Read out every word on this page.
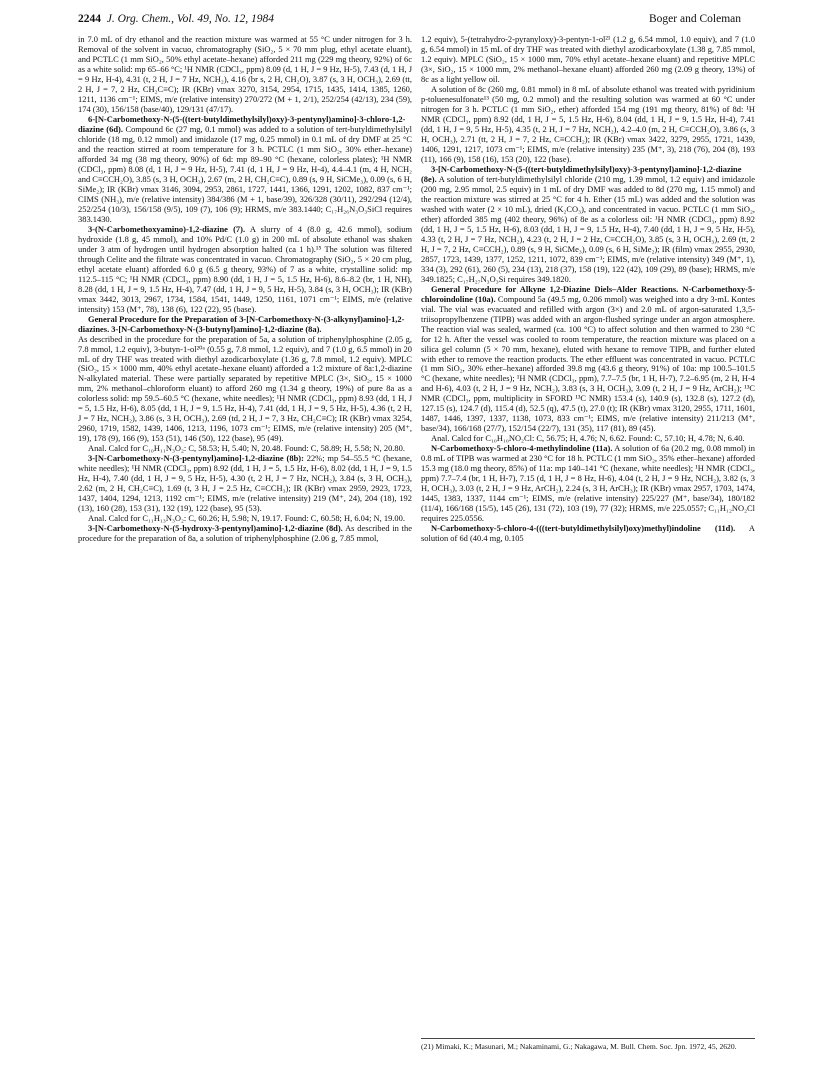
2244 J. Org. Chem., Vol. 49, No. 12, 1984	Boger and Coleman

in 7.0 mL of dry ethanol and the reaction mixture was warmed at 55 °C under nitrogen for 3 h. Removal of the solvent in vacuo, chromatography (SiO₂, 5 × 70 mm plug, ethyl acetate eluant), and PCTLC (1 mm SiO₂, 50% ethyl acetate–hexane) afforded 211 mg (229 mg theory, 92%) of 6c as a white solid: mp 65–66 °C; ¹H NMR (CDCl₃, ppm) 8.09 (d, 1 H, J = 9 Hz, H-5), 7.43 (d, 1 H, J = 9 Hz, H-4), 4.31 (t, 2 H, J = 7 Hz, NCH₂), 4.16 (br s, 2 H, CH₂O), 3.87 (s, 3 H, OCH₃), 2.69 (tt, 2 H, J = 7, 2 Hz, CH₂C≡C); IR (KBr) νmax 3270, 3154, 2954, 1715, 1435, 1414, 1385, 1260, 1211, 1136 cm⁻¹; EIMS, m/e (relative intensity) 270/272 (M + 1, 2/1), 252/254 (42/13), 234 (59), 174 (30), 156/158 (base/40), 129/131 (47/17).

6-[N-Carbomethoxy-N-(5-((tert-butyldimethylsilyl)oxy)-3-pentynyl)amino]-3-chloro-1,2-diazine (6d). Compound 6c (27 mg, 0.1 mmol) was added to a solution of tert-butyldimethylsilyl chloride (18 mg, 0.12 mmol) and imidazole (17 mg, 0.25 mmol) in 0.1 mL of dry DMF at 25 °C and the reaction stirred at room temperature for 3 h. PCTLC (1 mm SiO₂, 30% ether–hexane) afforded 34 mg (38 mg theory, 90%) of 6d: mp 89–90 °C (hexane, colorless plates); ¹H NMR (CDCl₃, ppm) 8.08 (d, 1 H, J = 9 Hz, H-5), 7.41 (d, 1 H, J = 9 Hz, H-4), 4.4–4.1 (m, 4 H, NCH₂ and C≡CCH₂O), 3.85 (s, 3 H, OCH₃), 2.67 (m, 2 H, CH₂C≡C), 0.89 (s, 9 H, SiCMe₃), 0.09 (s, 6 H, SiMe₂); IR (KBr) νmax 3146, 3094, 2953, 2861, 1727, 1441, 1366, 1291, 1202, 1082, 837 cm⁻¹; CIMS (NH₃), m/e (relative intensity) 384/386 (M + 1, base/39), 326/328 (30/11), 292/294 (12/4), 252/254 (10/3), 156/158 (9/5), 109 (7), 106 (9); HRMS, m/e 383.1440; C₁₇H₂₆N₃O₃SiCl requires 383.1430.

3-(N-Carbomethoxyamino)-1,2-diazine (7). A slurry of 4 (8.0 g, 42.6 mmol), sodium hydroxide (1.8 g, 45 mmol), and 10% Pd/C (1.0 g) in 200 mL of absolute ethanol was shaken under 3 atm of hydrogen until hydrogen absorption halted (ca 1 h).¹⁵ The solution was filtered through Celite and the filtrate was concentrated in vacuo. Chromatography (SiO₂, 5 × 20 cm plug, ethyl acetate eluant) afforded 6.0 g (6.5 g theory, 93%) of 7 as a white, crystalline solid: mp 112.5–115 °C; ¹H NMR (CDCl₃, ppm) 8.90 (dd, 1 H, J = 5, 1.5 Hz, H-6), 8.6–8.2 (br, 1 H, NH), 8.28 (dd, 1 H, J = 9, 1.5 Hz, H-4), 7.47 (dd, 1 H, J = 9, 5 Hz, H-5), 3.84 (s, 3 H, OCH₃); IR (KBr) νmax 3442, 3013, 2967, 1734, 1584, 1541, 1449, 1250, 1161, 1071 cm⁻¹; EIMS, m/e (relative intensity) 153 (M⁺, 78), 138 (6), 122 (22), 95 (base).

General Procedure for the Preparation of 3-[N-Carbomethoxy-N-(3-alkynyl)amino]-1,2-diazines. 3-[N-Carbomethoxy-N-(3-butynyl)amino]-1,2-diazine (8a).

As described in the procedure for the preparation of 5a, a solution of triphenylphosphine (2.05 g, 7.8 mmol, 1.2 equiv), 3-butyn-1-ol²⁰ᵃ (0.55 g, 7.8 mmol, 1.2 equiv), and 7 (1.0 g, 6.5 mmol) in 20 mL of dry THF was treated with diethyl azodicarboxylate (1.36 g, 7.8 mmol, 1.2 equiv). MPLC (SiO₂, 15 × 1000 mm, 40% ethyl acetate–hexane eluant) afforded a 1:2 mixture of 8a:1,2-diazine N-alkylated material. These were partially separated by repetitive MPLC (3×, SiO₂, 15 × 1000 mm, 2% methanol–chloroform eluant) to afford 260 mg (1.34 g theory, 19%) of pure 8a as a colorless solid: mp 59.5–60.5 °C (hexane, white needles); ¹H NMR (CDCl₃, ppm) 8.93 (dd, 1 H, J = 5, 1.5 Hz, H-6), 8.05 (dd, 1 H, J = 9, 1.5 Hz, H-4), 7.41 (dd, 1 H, J = 9, 5 Hz, H-5), 4.36 (t, 2 H, J = 7 Hz, NCH₂), 3.86 (s, 3 H, OCH₃), 2.69 (td, 2 H, J = 7, 3 Hz, CH₂C≡C); IR (KBr) νmax 3254, 2960, 1719, 1582, 1439, 1406, 1213, 1196, 1073 cm⁻¹; EIMS, m/e (relative intensity) 205 (M⁺, 19), 178 (9), 166 (9), 153 (51), 146 (50), 122 (base), 95 (49).

Anal. Calcd for C₁₀H₁₁N₃O₂: C, 58.53; H, 5.40; N, 20.48. Found: C, 58.89; H, 5.58; N, 20.80.

3-[N-Carbomethoxy-N-(3-pentynyl)amino]-1,2-diazine (8b): 22%; mp 54–55.5 °C (hexane, white needles); ¹H NMR (CDCl₃, ppm) 8.92 (dd, 1 H, J = 5, 1.5 Hz, H-6), 8.02 (dd, 1 H, J = 9, 1.5 Hz, H-4), 7.40 (dd, 1 H, J = 9, 5 Hz, H-5), 4.30 (t, 2 H, J = 7 Hz, NCH₂), 3.84 (s, 3 H, OCH₃), 2.62 (m, 2 H, CH₂C≡C), 1.69 (t, 3 H, J = 2.5 Hz, C≡CCH₃); IR (KBr) νmax 2959, 2923, 1723, 1437, 1404, 1294, 1213, 1192 cm⁻¹; EIMS, m/e (relative intensity) 219 (M⁺, 24), 204 (18), 192 (13), 160 (28), 153 (31), 132 (19), 122 (base), 95 (53).

Anal. Calcd for C₁₁H₁₃N₃O₂: C, 60.26; H, 5.98; N, 19.17. Found: C, 60.58; H, 6.04; N, 19.00.

3-[N-Carbomethoxy-N-(5-hydroxy-3-pentynyl)amino]-1,2-diazine (8d). As described in the procedure for the preparation of 8a, a solution of triphenylphosphine (2.06 g, 7.85 mmol,

1.2 equiv), 5-(tetrahydro-2-pyranyloxy)-3-pentyn-1-ol²¹ (1.2 g, 6.54 mmol, 1.0 equiv), and 7 (1.0 g, 6.54 mmol) in 15 mL of dry THF was treated with diethyl azodicarboxylate (1.38 g, 7.85 mmol, 1.2 equiv). MPLC (SiO₂, 15 × 1000 mm, 70% ethyl acetate–hexane eluant) and repetitive MPLC (3×, SiO₂, 15 × 1000 mm, 2% methanol–hexane eluant) afforded 260 mg (2.09 g theory, 13%) of 8c as a light yellow oil.

A solution of 8c (260 mg, 0.81 mmol) in 8 mL of absolute ethanol was treated with pyridinium p-toluenesulfonate¹³ (50 mg, 0.2 mmol) and the resulting solution was warmed at 60 °C under nitrogen for 3 h. PCTLC (1 mm SiO₂, ether) afforded 154 mg (191 mg theory, 81%) of 8d: ¹H NMR (CDCl₃, ppm) 8.92 (dd, 1 H, J = 5, 1.5 Hz, H-6), 8.04 (dd, 1 H, J = 9, 1.5 Hz, H-4), 7.41 (dd, 1 H, J = 9, 5 Hz, H-5), 4.35 (t, 2 H, J = 7 Hz, NCH₂), 4.2–4.0 (m, 2 H, C≡CCH₂O), 3.86 (s, 3 H, OCH₃), 2.71 (tt, 2 H, J = 7, 2 Hz, C≡CCH₂); IR (KBr) νmax 3422, 3279, 2955, 1721, 1439, 1406, 1291, 1217, 1073 cm⁻¹; EIMS, m/e (relative intensity) 235 (M⁺, 3), 218 (76), 204 (8), 193 (11), 166 (9), 158 (16), 153 (20), 122 (base).

3-[N-Carbomethoxy-N-(5-((tert-butyldimethylsilyl)oxy)-3-pentynyl)amino]-1,2-diazine (8e). A solution of tert-butyldimethylsilyl chloride (210 mg, 1.39 mmol, 1.2 equiv) and imidazole (200 mg, 2.95 mmol, 2.5 equiv) in 1 mL of dry DMF was added to 8d (270 mg, 1.15 mmol) and the reaction mixture was stirred at 25 °C for 4 h. Ether (15 mL) was added and the solution was washed with water (2 × 10 mL), dried (K₂CO₃), and concentrated in vacuo. PCTLC (1 mm SiO₂, ether) afforded 385 mg (402 theory, 96%) of 8e as a colorless oil: ¹H NMR (CDCl₃, ppm) 8.92 (dd, 1 H, J = 5, 1.5 Hz, H-6), 8.03 (dd, 1 H, J = 9, 1.5 Hz, H-4), 7.40 (dd, 1 H, J = 9, 5 Hz, H-5), 4.33 (t, 2 H, J = 7 Hz, NCH₂), 4.23 (t, 2 H, J = 2 Hz, C≡CCH₂O), 3.85 (s, 3 H, OCH₃), 2.69 (tt, 2 H, J = 7, 2 Hz, C≡CCH₂), 0.89 (s, 9 H, SiCMe₃), 0.09 (s, 6 H, SiMe₂); IR (film) νmax 2955, 2930, 2857, 1723, 1439, 1377, 1252, 1211, 1072, 839 cm⁻¹; EIMS, m/e (relative intensity) 349 (M⁺, 1), 334 (3), 292 (61), 260 (5), 234 (13), 218 (37), 158 (19), 122 (42), 109 (29), 89 (base); HRMS, m/e 349.1825; C₁₇H₂₇N₃O₃Si requires 349.1820.

General Procedure for Alkyne 1,2-Diazine Diels–Alder Reactions. N-Carbomethoxy-5-chloroindoline (10a). Compound 5a (49.5 mg, 0.206 mmol) was weighed into a dry 3-mL Kontes vial. The vial was evacuated and refilled with argon (3×) and 2.0 mL of argon-saturated 1,3,5-triisopropylbenzene (TIPB) was added with an argon-flushed syringe under an argon atmosphere. The reaction vial was sealed, warmed (ca. 100 °C) to affect solution and then warmed to 230 °C for 12 h. After the vessel was cooled to room temperature, the reaction mixture was placed on a silica gel column (5 × 70 mm, hexane), eluted with hexane to remove TIPB, and further eluted with ether to remove the reaction products. The ether effluent was concentrated in vacuo. PCTLC (1 mm SiO₂, 30% ether–hexane) afforded 39.8 mg (43.6 g theory, 91%) of 10a: mp 100.5–101.5 °C (hexane, white needles); ¹H NMR (CDCl₃, ppm), 7.7–7.5 (br, 1 H, H-7), 7.2–6.95 (m, 2 H, H-4 and H-6), 4.03 (t, 2 H, J = 9 Hz, NCH₂), 3.83 (s, 3 H, OCH₃), 3.09 (t, 2 H, J = 9 Hz, ArCH₂); ¹³C NMR (CDCl₃, ppm, multiplicity in SFORD ¹³C NMR) 153.4 (s), 140.9 (s), 132.8 (s), 127.2 (d), 127.15 (s), 124.7 (d), 115.4 (d), 52.5 (q), 47.5 (t), 27.0 (t); IR (KBr) νmax 3120, 2955, 1711, 1601, 1487, 1446, 1397, 1337, 1138, 1073, 833 cm⁻¹; EIMS, m/e (relative intensity) 211/213 (M⁺, base/34), 166/168 (27/7), 152/154 (22/7), 131 (35), 117 (81), 89 (45).

Anal. Calcd for C₁₀H₁₀NO₂Cl: C, 56.75; H, 4.76; N, 6.62. Found: C, 57.10; H, 4.78; N, 6.40.

N-Carbomethoxy-5-chloro-4-methylindoline (11a). A solution of 6a (20.2 mg, 0.08 mmol) in 0.8 mL of TIPB was warmed at 230 °C for 18 h. PCTLC (1 mm SiO₂, 35% ether–hexane) afforded 15.3 mg (18.0 mg theory, 85%) of 11a: mp 140–141 °C (hexane, white needles); ¹H NMR (CDCl₃, ppm) 7.7–7.4 (br, 1 H, H-7), 7.15 (d, 1 H, J = 8 Hz, H-6), 4.04 (t, 2 H, J = 9 Hz, NCH₂), 3.82 (s, 3 H, OCH₃), 3.03 (t, 2 H, J = 9 Hz, ArCH₂), 2.24 (s, 3 H, ArCH₃); IR (KBr) νmax 2957, 1703, 1474, 1445, 1383, 1337, 1144 cm⁻¹; EIMS, m/e (relative intensity) 225/227 (M⁺, base/34), 180/182 (11/4), 166/168 (15/5), 145 (26), 131 (72), 103 (19), 77 (32); HRMS, m/e 225.0557; C₁₁H₁₂NO₂Cl requires 225.0556.

N-Carbomethoxy-5-chloro-4-(((tert-butyldimethylsilyl)oxy)methyl)indoline (11d). A solution of 6d (40.4 mg, 0.105

(21) Mimaki, K.; Masunari, M.; Nakaminami, G.; Nakagawa, M. Bull. Chem. Soc. Jpn. 1972, 45, 2620.
